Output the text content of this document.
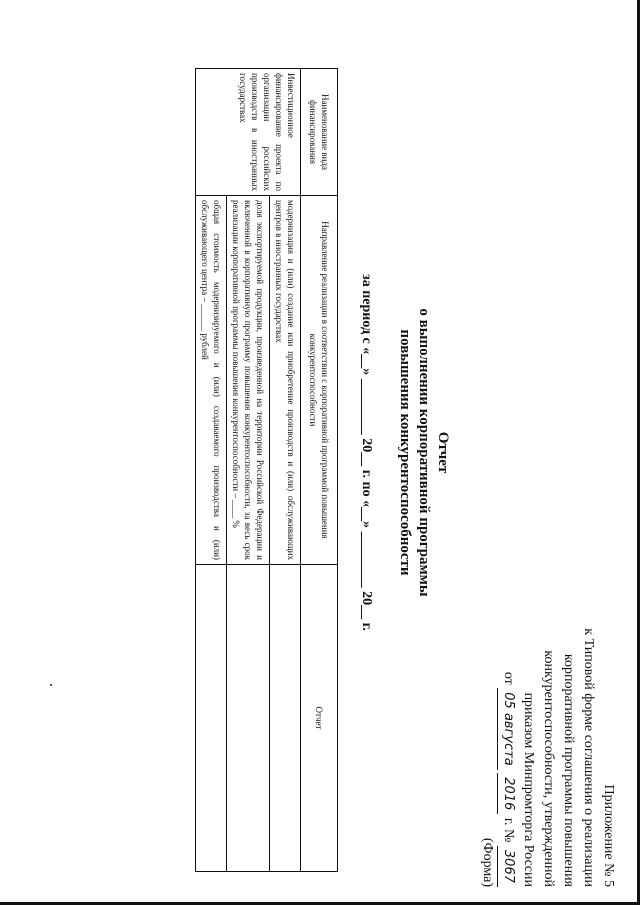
Приложение № 5
к Типовой форме соглашения о реализации
корпоративной программы повышения
конкурентоспособности, утвержденной
приказом Минпромторга России
от 05 августа 2016 г. № 3067
(Форма)
Отчет
о выполнении корпоративной программы
повышения конкурентоспособности
за период с «__» ________ 20__ г. по «__» ________ 20__ г.
Наименование вида финансирования	Направление реализации в соответствии с корпоративной программой повышения конкурентоспособности	Отчет
Инвестиционное финансирование проекта по организации российских производств в иностранных государствах	модернизация и (или) создание или приобретение производств и (или) обслуживающих центров в иностранных государствах	
	доля экспортируемой продукции, произведенной на территории Российской Федерации и включенной в корпоративную программу повышения конкурентоспособности, за весь срок реализации корпоративной программы повышения конкурентоспособности – ____ %	
	общая стоимость модернизируемого и (или) создаваемого производства и (или) обслуживающего центра – ______ рублей	
